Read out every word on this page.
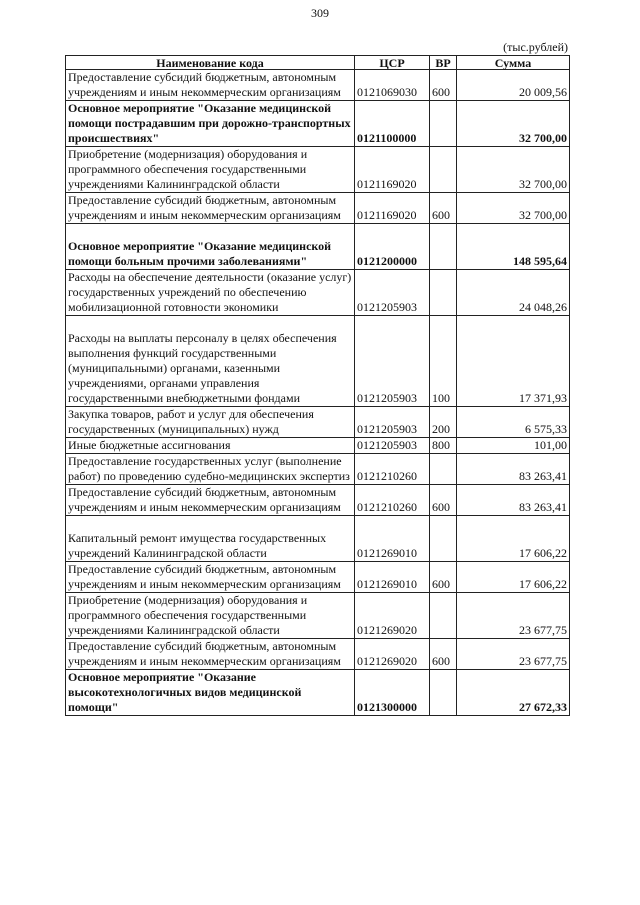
309
(тыс.рублей)
Наименование кода	ЦСР	ВР	Сумма
Предоставление субсидий бюджетным, автономным учреждениям и иным некоммерческим организациям	0121069030	600	20 009,56
Основное мероприятие "Оказание медицинской помощи пострадавшим при дорожно-транспортных происшествиях"	0121100000		32 700,00
Приобретение (модернизация) оборудования и программного обеспечения государственными учреждениями Калининградской области	0121169020		32 700,00
Предоставление субсидий бюджетным, автономным учреждениям и иным некоммерческим организациям	0121169020	600	32 700,00

Основное мероприятие "Оказание медицинской помощи больным прочими заболеваниями"	0121200000		148 595,64
Расходы на обеспечение деятельности (оказание услуг) государственных учреждений по обеспечению мобилизационной готовности экономики	0121205903		24 048,26

Расходы на выплаты персоналу в целях обеспечения выполнения функций государственными (муниципальными) органами, казенными учреждениями, органами управления государственными внебюджетными фондами	0121205903	100	17 371,93
Закупка товаров, работ и услуг для обеспечения государственных (муниципальных) нужд	0121205903	200	6 575,33
Иные бюджетные ассигнования	0121205903	800	101,00
Предоставление государственных услуг (выполнение работ) по проведению судебно-медицинских экспертиз	0121210260		83 263,41
Предоставление субсидий бюджетным, автономным учреждениям и иным некоммерческим организациям	0121210260	600	83 263,41

Капитальный ремонт имущества государственных учреждений Калининградской области	0121269010		17 606,22
Предоставление субсидий бюджетным, автономным учреждениям и иным некоммерческим организациям	0121269010	600	17 606,22
Приобретение (модернизация) оборудования и программного обеспечения государственными учреждениями Калининградской области	0121269020		23 677,75
Предоставление субсидий бюджетным, автономным учреждениям и иным некоммерческим организациям	0121269020	600	23 677,75
Основное мероприятие "Оказание высокотехнологичных видов медицинской помощи"	0121300000		27 672,33
